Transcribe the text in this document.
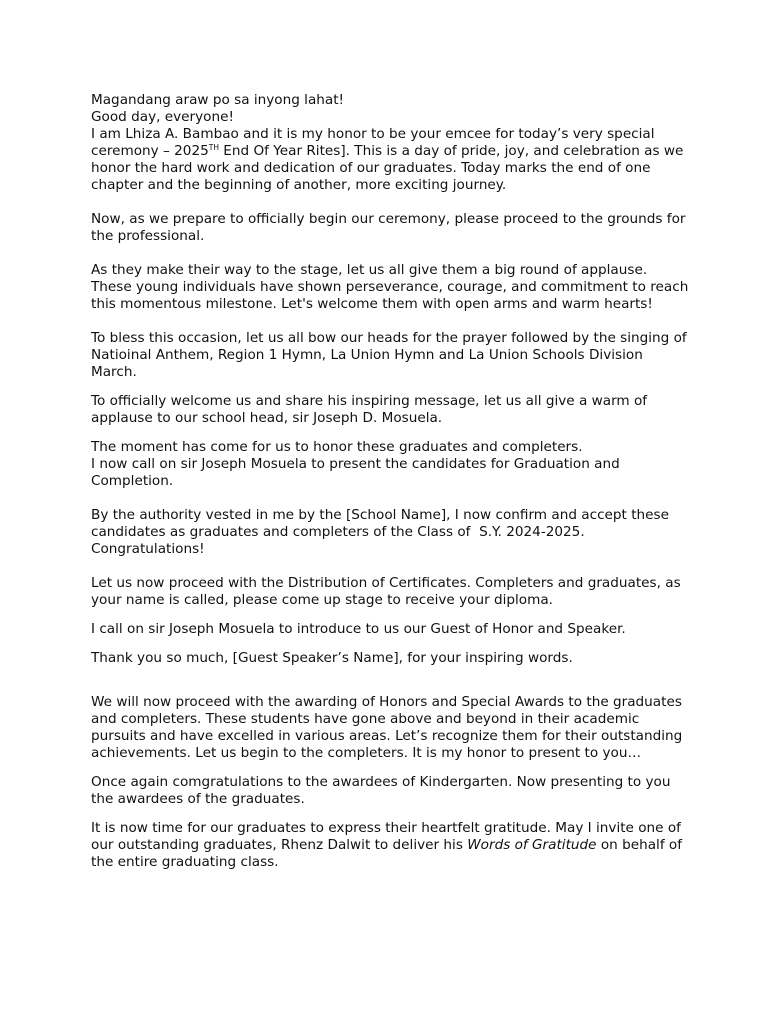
Magandang araw po sa inyong lahat!

Good day, everyone!

I am Lhiza A. Bambao and it is my honor to be your emcee for today’s very special ceremony – 2025TH End Of Year Rites]. This is a day of pride, joy, and celebration as we honor the hard work and dedication of our graduates. Today marks the end of one chapter and the beginning of another, more exciting journey.

Now, as we prepare to officially begin our ceremony, please proceed to the grounds for the professional.

As they make their way to the stage, let us all give them a big round of applause. These young individuals have shown perseverance, courage, and commitment to reach this momentous milestone. Let's welcome them with open arms and warm hearts!

To bless this occasion, let us all bow our heads for the prayer followed by the singing of Natioinal Anthem, Region 1 Hymn, La Union Hymn and La Union Schools Division March.

To officially welcome us and share his inspiring message, let us all give a warm of applause to our school head, sir Joseph D. Mosuela.

The moment has come for us to honor these graduates and completers.

I now call on sir Joseph Mosuela to present the candidates for Graduation and Completion.

By the authority vested in me by the [School Name], I now confirm and accept these candidates as graduates and completers of the Class of  S.Y. 2024-2025. Congratulations!

Let us now proceed with the Distribution of Certificates. Completers and graduates, as your name is called, please come up stage to receive your diploma.

I call on sir Joseph Mosuela to introduce to us our Guest of Honor and Speaker.

Thank you so much, [Guest Speaker’s Name], for your inspiring words.

We will now proceed with the awarding of Honors and Special Awards to the graduates and completers. These students have gone above and beyond in their academic pursuits and have excelled in various areas. Let’s recognize them for their outstanding achievements. Let us begin to the completers. It is my honor to present to you…

Once again comgratulations to the awardees of Kindergarten. Now presenting to you the awardees of the graduates.

It is now time for our graduates to express their heartfelt gratitude. May I invite one of our outstanding graduates, Rhenz Dalwit to deliver his Words of Gratitude on behalf of the entire graduating class.
